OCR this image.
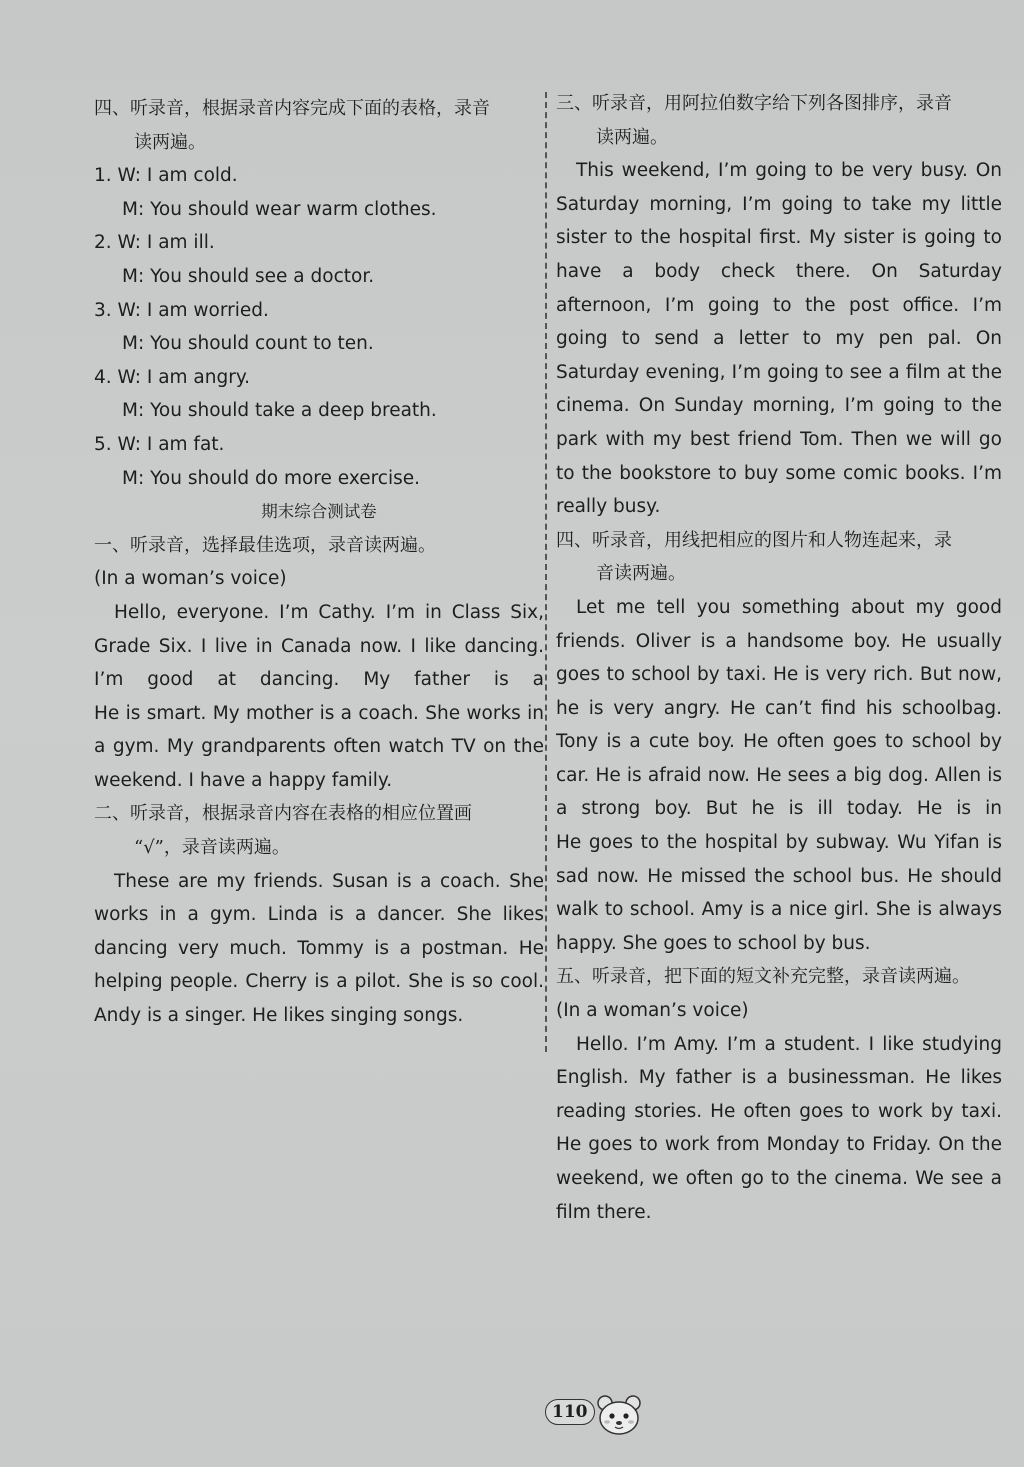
四、听录音，根据录音内容完成下面的表格，录音
读两遍。
1. W: I am cold.
M: You should wear warm clothes.
2. W: I am ill.
M: You should see a doctor.
3. W: I am worried.
M: You should count to ten.
4. W: I am angry.
M: You should take a deep breath.
5. W: I am fat.
M: You should do more exercise.
期末综合测试卷
一、听录音，选择最佳选项，录音读两遍。
(In a woman’s voice)
Hello, everyone. I’m Cathy. I’m in Class Six,
Grade Six. I live in Canada now. I like dancing.
I’m good at dancing. My father is a
He is smart. My mother is a coach. She works in
a gym. My grandparents often watch TV on the
weekend. I have a happy family.
二、听录音，根据录音内容在表格的相应位置画
“√”，录音读两遍。
These are my friends. Susan is a coach. She
works in a gym. Linda is a dancer. She likes
dancing very much. Tommy is a postman. He
helping people. Cherry is a pilot. She is so cool.
Andy is a singer. He likes singing songs.
三、听录音，用阿拉伯数字给下列各图排序，录音
读两遍。
This weekend, I’m going to be very busy. On
Saturday morning, I’m going to take my little
sister to the hospital first. My sister is going to
have a body check there. On Saturday
afternoon, I’m going to the post office. I’m
going to send a letter to my pen pal. On
Saturday evening, I’m going to see a film at the
cinema. On Sunday morning, I’m going to the
park with my best friend Tom. Then we will go
to the bookstore to buy some comic books. I’m
really busy.
四、听录音，用线把相应的图片和人物连起来，录
音读两遍。
Let me tell you something about my good
friends. Oliver is a handsome boy. He usually
goes to school by taxi. He is very rich. But now,
he is very angry. He can’t find his schoolbag.
Tony is a cute boy. He often goes to school by
car. He is afraid now. He sees a big dog. Allen is
a strong boy. But he is ill today. He is in
He goes to the hospital by subway. Wu Yifan is
sad now. He missed the school bus. He should
walk to school. Amy is a nice girl. She is always
happy. She goes to school by bus.
五、听录音，把下面的短文补充完整，录音读两遍。
(In a woman’s voice)
Hello. I’m Amy. I’m a student. I like studying
English. My father is a businessman. He likes
reading stories. He often goes to work by taxi.
He goes to work from Monday to Friday. On the
weekend, we often go to the cinema. We see a
film there.
110
